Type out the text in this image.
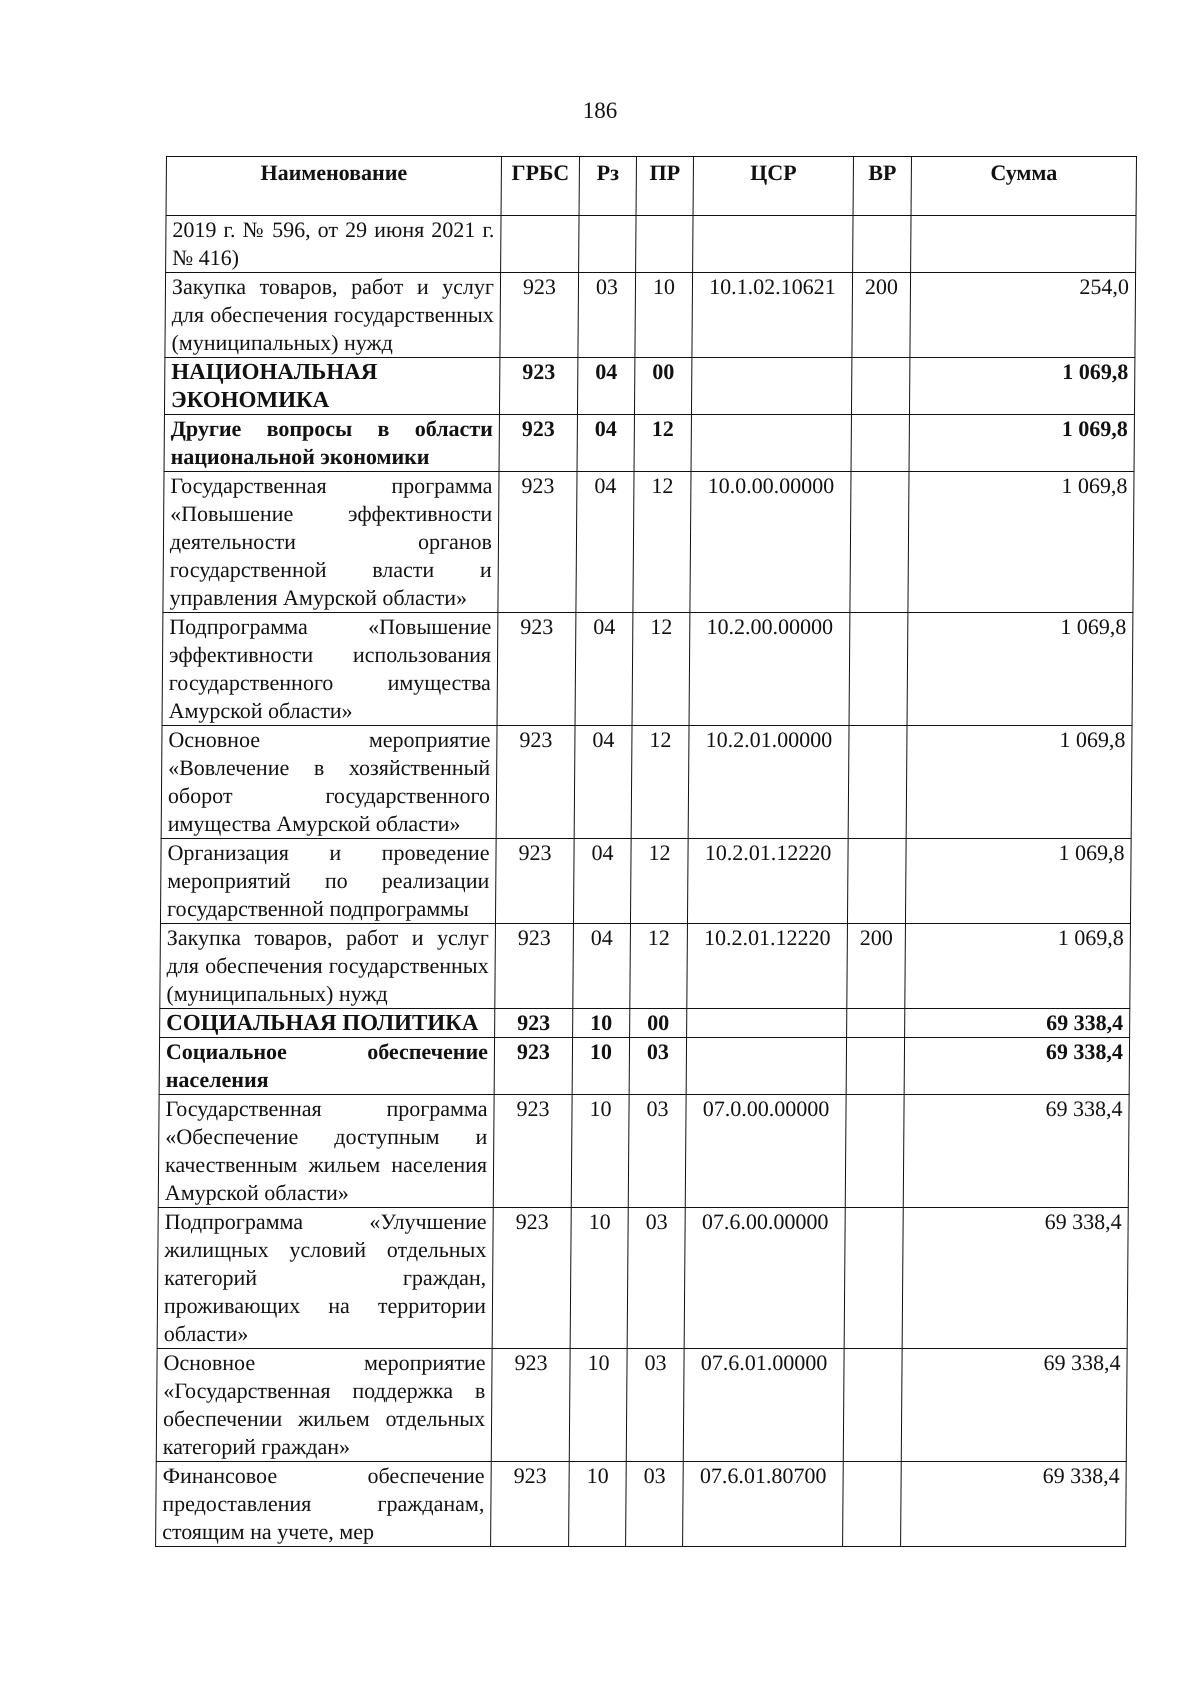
186
Наименование	ГРБС	Рз	ПР	ЦСР	ВР	Сумма
2019 г. № 596, от 29 июня 2021 г. № 416)						
Закупка товаров, работ и услуг для обеспечения государственных (муниципальных) нужд	923	03	10	10.1.02.10621	200	254,0
НАЦИОНАЛЬНАЯ ЭКОНОМИКА	923	04	00			1 069,8
Другие вопросы в области национальной экономики	923	04	12			1 069,8
Государственная программа «Повышение эффективности деятельности органов государственной власти и управления Амурской области»	923	04	12	10.0.00.00000		1 069,8
Подпрограмма «Повышение эффективности использования государственного имущества Амурской области»	923	04	12	10.2.00.00000		1 069,8
Основное мероприятие «Вовлечение в хозяйственный оборот государственного имущества Амурской области»	923	04	12	10.2.01.00000		1 069,8
Организация и проведение мероприятий по реализации государственной подпрограммы	923	04	12	10.2.01.12220		1 069,8
Закупка товаров, работ и услуг для обеспечения государственных (муниципальных) нужд	923	04	12	10.2.01.12220	200	1 069,8
СОЦИАЛЬНАЯ ПОЛИТИКА	923	10	00			69 338,4
Социальное обеспечение населения	923	10	03			69 338,4
Государственная программа «Обеспечение доступным и качественным жильем населения Амурской области»	923	10	03	07.0.00.00000		69 338,4
Подпрограмма «Улучшение жилищных условий отдельных категорий граждан, проживающих на территории области»	923	10	03	07.6.00.00000		69 338,4
Основное мероприятие «Государственная поддержка в обеспечении жильем отдельных категорий граждан»	923	10	03	07.6.01.00000		69 338,4
Финансовое обеспечение предоставления гражданам, стоящим на учете, мер	923	10	03	07.6.01.80700		69 338,4
